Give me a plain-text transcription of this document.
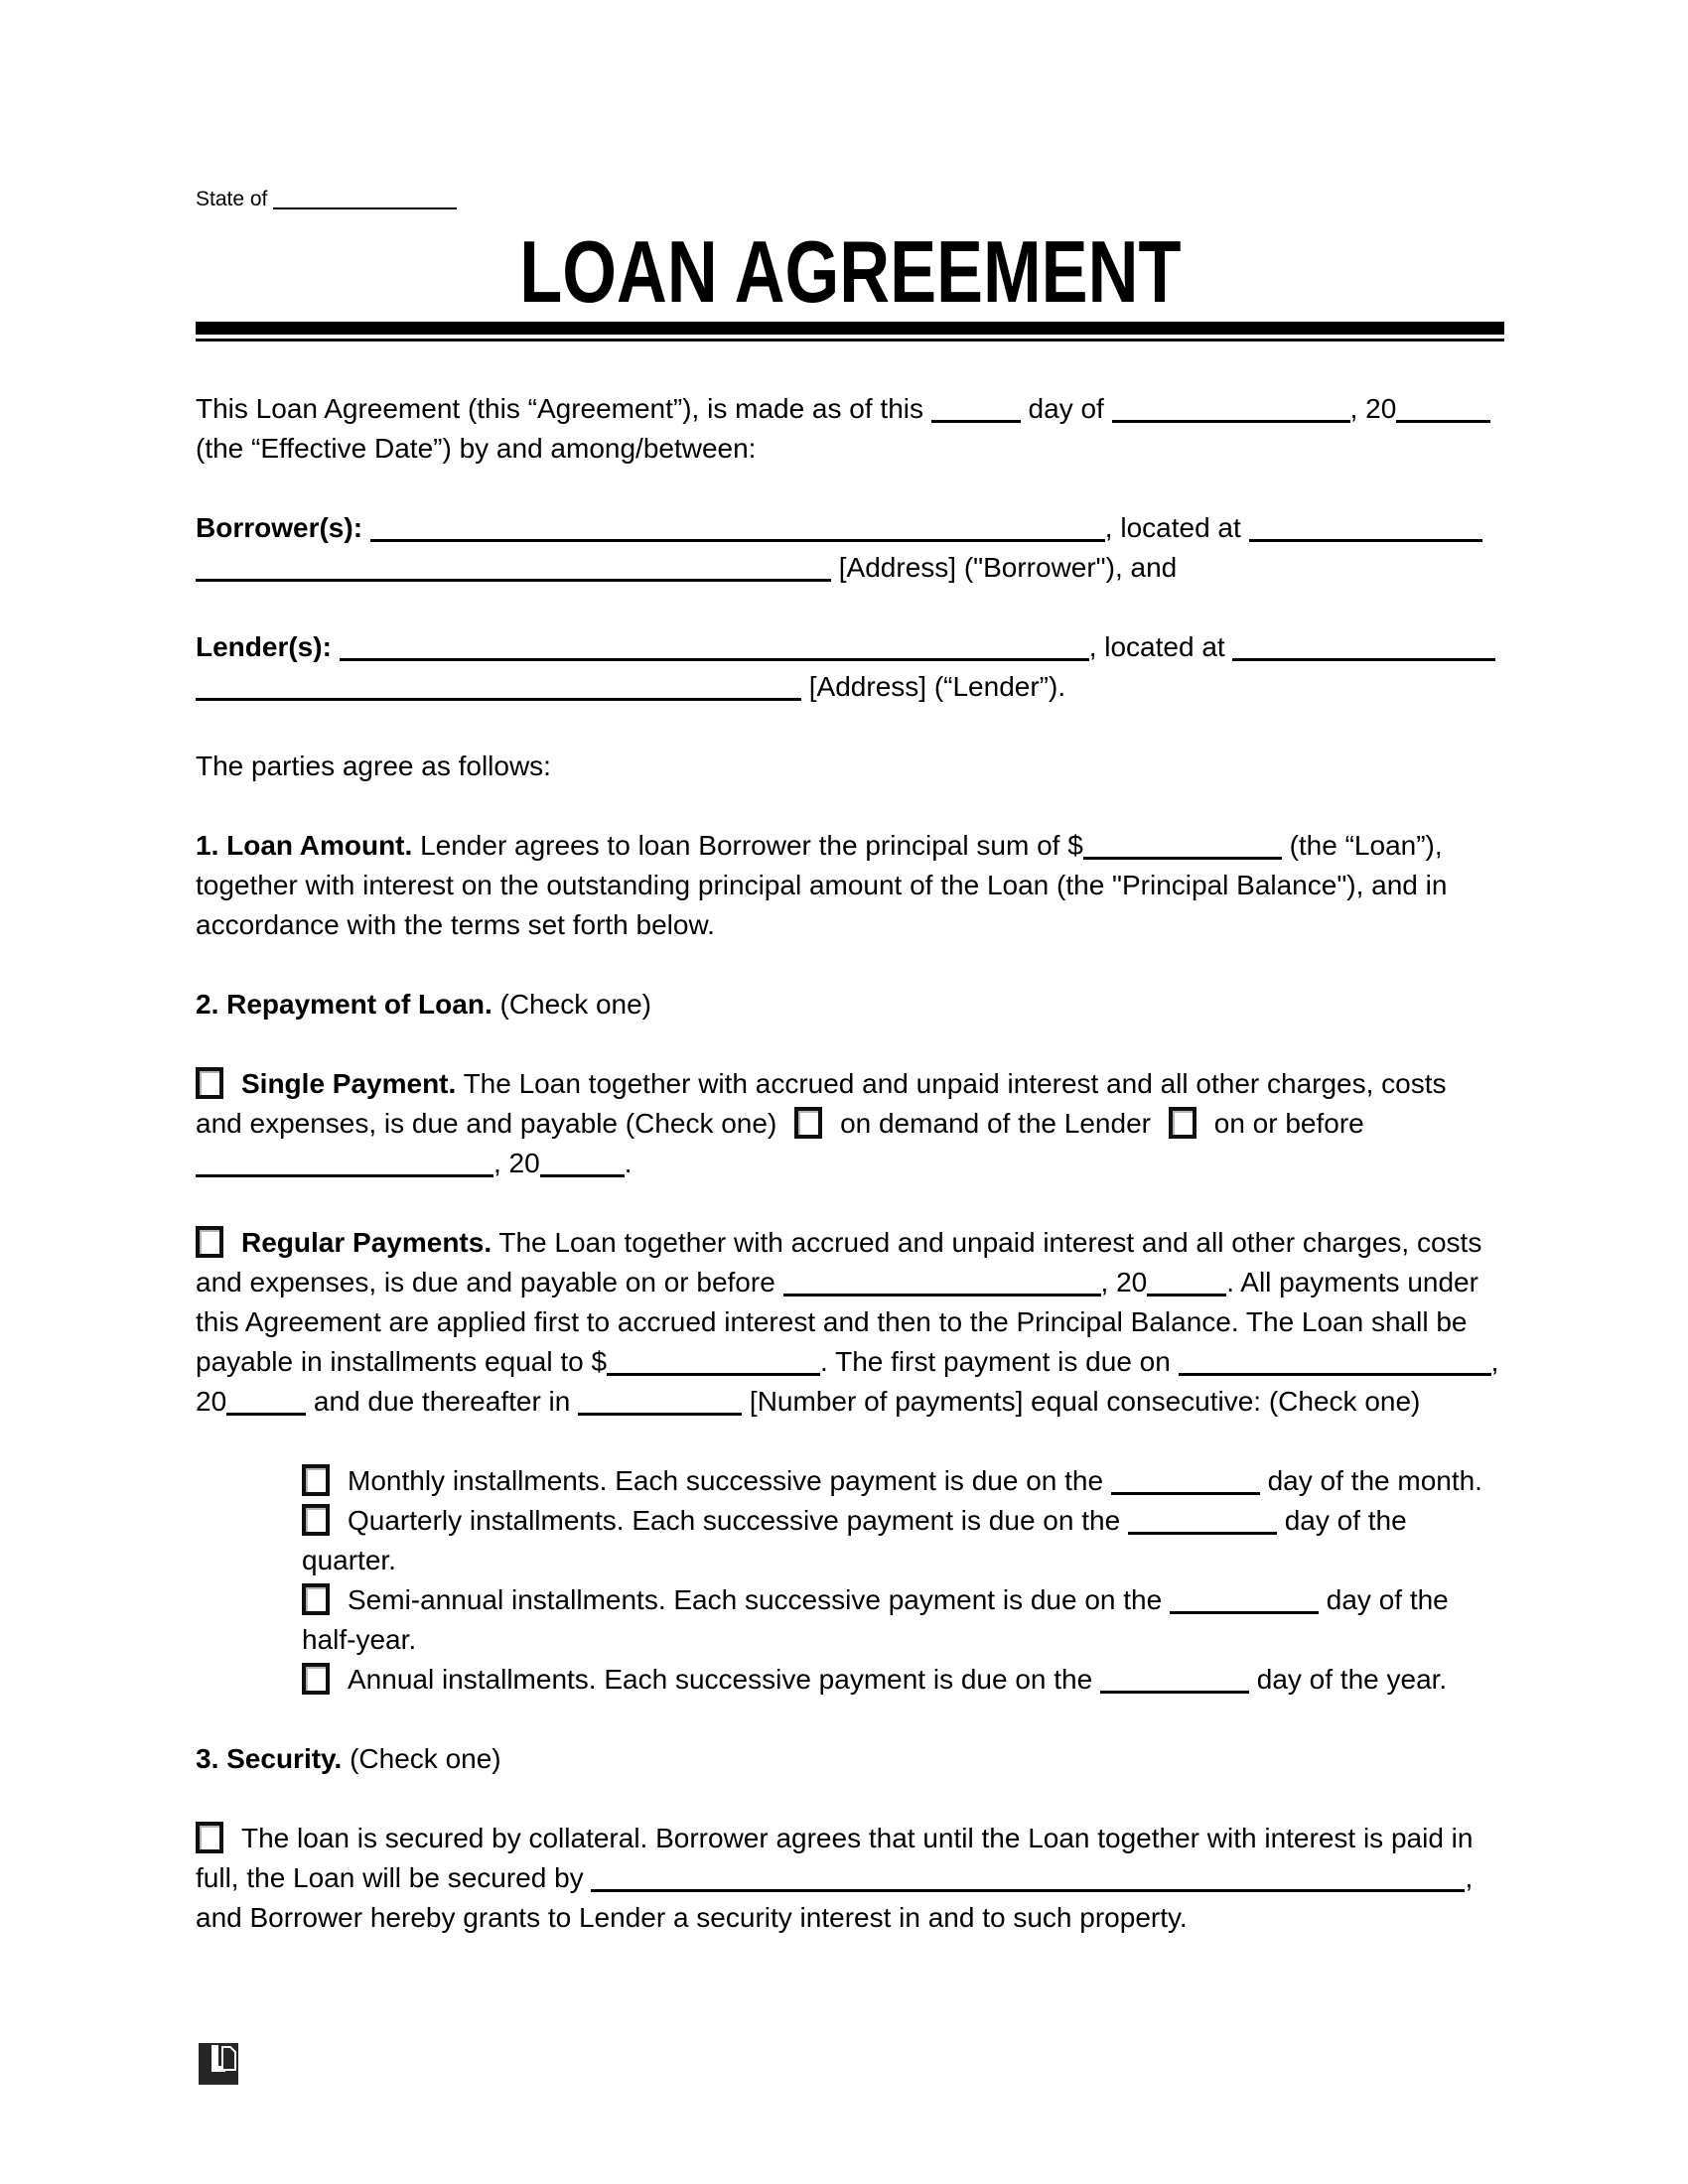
State of
LOAN AGREEMENT
This Loan Agreement (this “Agreement”), is made as of this	day of	, 20
(the “Effective Date”) by and among/between:
Borrower(s):	, located at
[Address] ("Borrower"), and
Lender(s):	, located at
[Address] (“Lender”).
The parties agree as follows:
1. Loan Amount. Lender agrees to loan Borrower the principal sum of $	(the “Loan”),
together with interest on the outstanding principal amount of the Loan (the "Principal Balance"), and in
accordance with the terms set forth below.
2. Repayment of Loan. (Check one)
Single Payment. The Loan together with accrued and unpaid interest and all other charges, costs
and expenses, is due and payable (Check one) on demand of the Lender on or before
, 20	.
Regular Payments. The Loan together with accrued and unpaid interest and all other charges, costs
and expenses, is due and payable on or before	, 20	. All payments under
this Agreement are applied first to accrued interest and then to the Principal Balance. The Loan shall be
payable in installments equal to $	. The first payment is due on	,
20	and due thereafter in	[Number of payments] equal consecutive: (Check one)
Monthly installments. Each successive payment is due on the	day of the month.
Quarterly installments. Each successive payment is due on the	day of the
quarter.
Semi-annual installments. Each successive payment is due on the	day of the
half-year.
Annual installments. Each successive payment is due on the	day of the year.
3. Security. (Check one)
The loan is secured by collateral. Borrower agrees that until the Loan together with interest is paid in
full, the Loan will be secured by	,
and Borrower hereby grants to Lender a security interest in and to such property.
